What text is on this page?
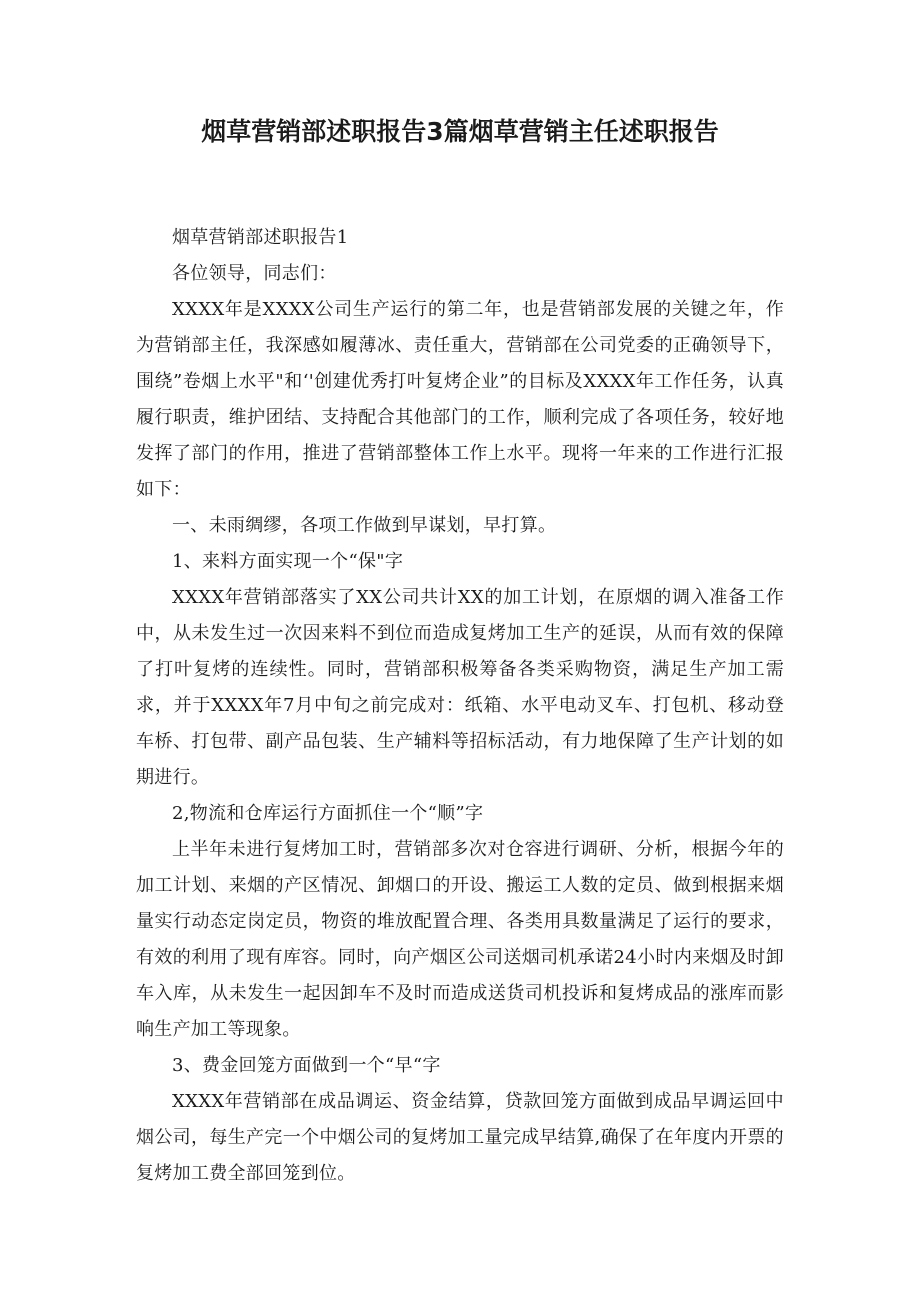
烟草营销部述职报告3篇烟草营销主任述职报告

烟草营销部述职报告1

各位领导，同志们：

XXXX年是XXXX公司生产运行的第二年，也是营销部发展的关键之年，作为营销部主任，我深感如履薄冰、责任重大，营销部在公司党委的正确领导下，围绕”卷烟上水平"和‘'创建优秀打叶复烤企业”的目标及XXXX年工作任务，认真履行职责，维护团结、支持配合其他部门的工作，顺利完成了各项任务，较好地发挥了部门的作用，推进了营销部整体工作上水平。现将一年来的工作进行汇报如下：

一、未雨绸缪，各项工作做到早谋划，早打算。

1、来料方面实现一个“保"字

XXXX年营销部落实了XX公司共计XX的加工计划，在原烟的调入准备工作中，从未发生过一次因来料不到位而造成复烤加工生产的延误，从而有效的保障了打叶复烤的连续性。同时，营销部积极筹备各类采购物资，满足生产加工需求，并于XXXX年7月中旬之前完成对：纸箱、水平电动叉车、打包机、移动登车桥、打包带、副产品包装、生产辅料等招标活动，有力地保障了生产计划的如期进行。

2,物流和仓库运行方面抓住一个“顺”字

上半年未进行复烤加工时，营销部多次对仓容进行调研、分析，根据今年的加工计划、来烟的产区情况、卸烟口的开设、搬运工人数的定员、做到根据来烟量实行动态定岗定员，物资的堆放配置合理、各类用具数量满足了运行的要求，有效的利用了现有库容。同时，向产烟区公司送烟司机承诺24小时内来烟及时卸车入库，从未发生一起因卸车不及时而造成送货司机投诉和复烤成品的涨库而影响生产加工等现象。

3、费金回笼方面做到一个“早“字

XXXX年营销部在成品调运、资金结算，贷款回笼方面做到成品早调运回中烟公司，每生产完一个中烟公司的复烤加工量完成早结算,确保了在年度内开票的复烤加工费全部回笼到位。
